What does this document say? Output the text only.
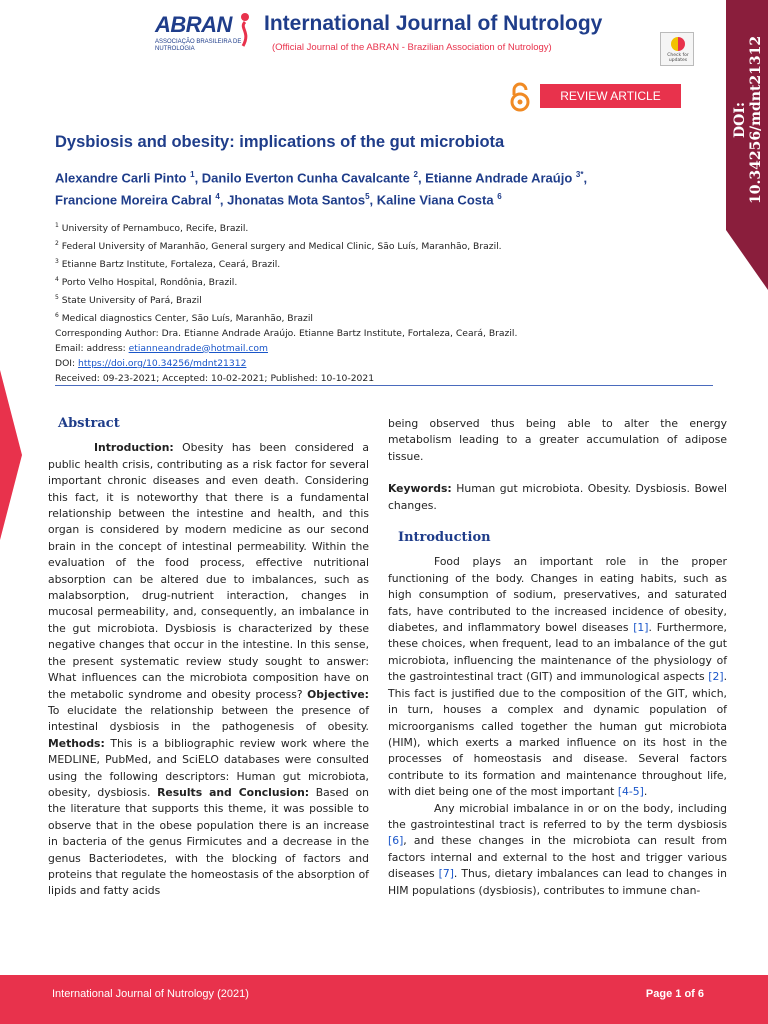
DOI: 10.34256/mdnt21312
ABRAN
ASSOCIAÇÃO BRASILEIRA DE NUTROLOGIA
International Journal of Nutrology
(Official Journal of the ABRAN - Brazilian Association of Nutrology)
Check for updates
REVIEW ARTICLE
Dysbiosis and obesity: implications of the gut microbiota
Alexandre Carli Pinto $^1$, Danilo Everton Cunha Cavalcante $^2$, Etianne Andrade Araújo $^{3*}$,
Francione Moreira Cabral $^4$, Jhonatas Mota Santos$^5$, Kaline Viana Costa $^6$
$^1$ University of Pernambuco, Recife, Brazil.
$^2$ Federal University of Maranhão, General surgery and Medical Clinic, São Luís, Maranhão, Brazil.
$^3$ Etianne Bartz Institute, Fortaleza, Ceará, Brazil.
$^4$ Porto Velho Hospital, Rondônia, Brazil.
$^5$ State University of Pará, Brazil
$^6$ Medical diagnostics Center, São Luís, Maranhão, Brazil
Corresponding Author: Dra. Etianne Andrade Araújo. Etianne Bartz Institute, Fortaleza, Ceará, Brazil.
Email: address: etianneandrade@hotmail.com
DOI: https://doi.org/10.34256/mdnt21312
Received: 09-23-2021; Accepted: 10-02-2021; Published: 10-10-2021
Abstract

Introduction: Obesity has been considered a public health crisis, contributing as a risk factor for several important chronic diseases and even death. Considering this fact, it is noteworthy that there is a fundamental relationship between the intestine and health, and this organ is considered by modern medicine as our second brain in the concept of intestinal permeability. Within the evaluation of the food process, effective nutritional absorption can be altered due to imbalances, such as malabsorption, drug-nutrient interaction, changes in mucosal permeability, and, consequently, an imbalance in the gut microbiota. Dysbiosis is characterized by these negative changes that occur in the intestine. In this sense, the present systematic review study sought to answer: What influences can the microbiota composition have on the metabolic syndrome and obesity process? Objective: To elucidate the relationship between the presence of intestinal dysbiosis in the pathogenesis of obesity. Methods: This is a bibliographic review work where the MEDLINE, PubMed, and SciELO databases were consulted using the following descriptors: Human gut microbiota, obesity, dysbiosis. Results and Conclusion: Based on the literature that supports this theme, it was possible to observe that in the obese population there is an increase in bacteria of the genus Firmicutes and a decrease in the genus Bacteriodetes, with the blocking of factors and proteins that regulate the homeostasis of the absorption of lipids and fatty acids

being observed thus being able to alter the energy metabolism leading to a greater accumulation of adipose tissue.

Keywords: Human gut microbiota. Obesity. Dysbiosis. Bowel changes.

Introduction

Food plays an important role in the proper functioning of the body. Changes in eating habits, such as high consumption of sodium, preservatives, and saturated fats, have contributed to the increased incidence of obesity, diabetes, and inflammatory bowel diseases [1]. Furthermore, these choices, when frequent, lead to an imbalance of the gut microbiota, influencing the maintenance of the physiology of the gastrointestinal tract (GIT) and immunological aspects [2]. This fact is justified due to the composition of the GIT, which, in turn, houses a complex and dynamic population of microorganisms called together the human gut microbiota (HIM), which exerts a marked influence on its host in the processes of homeostasis and disease. Several factors contribute to its formation and maintenance throughout life, with diet being one of the most important [4-5].

Any microbial imbalance in or on the body, including the gastrointestinal tract is referred to by the term dysbiosis [6], and these changes in the microbiota can result from factors internal and external to the host and trigger various diseases [7]. Thus, dietary imbalances can lead to changes in HIM populations (dysbiosis), contributes to immune chan-

International Journal of Nutrology (2021)	Page 1 of 6
